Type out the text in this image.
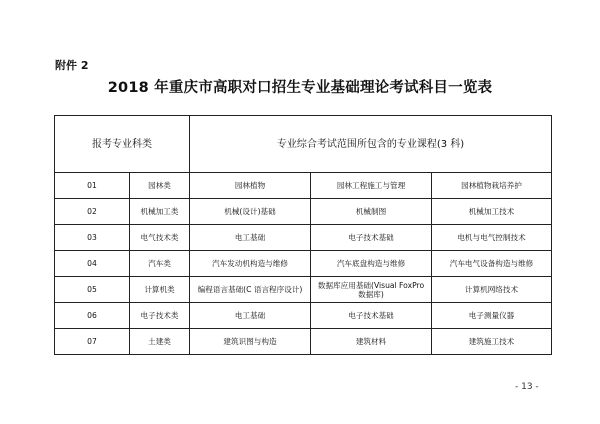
附件 2
2018 年重庆市高职对口招生专业基础理论考试科目一览表
报考专业科类		专业综合考试范围所包含的专业课程(3 科)		
01	园林类	园林植物	园林工程施工与管理	园林植物栽培养护
02	机械加工类	机械(设计)基础	机械制图	机械加工技术
03	电气技术类	电工基础	电子技术基础	电机与电气控制技术
04	汽车类	汽车发动机构造与维修	汽车底盘构造与维修	汽车电气设备构造与维修
05	计算机类	编程语言基础(C 语言程序设计)	数据库应用基础(Visual FoxPro 数据库)	计算机网络技术
06	电子技术类	电工基础	电子技术基础	电子测量仪器
07	土建类	建筑识图与构造	建筑材料	建筑施工技术
- 13 -
